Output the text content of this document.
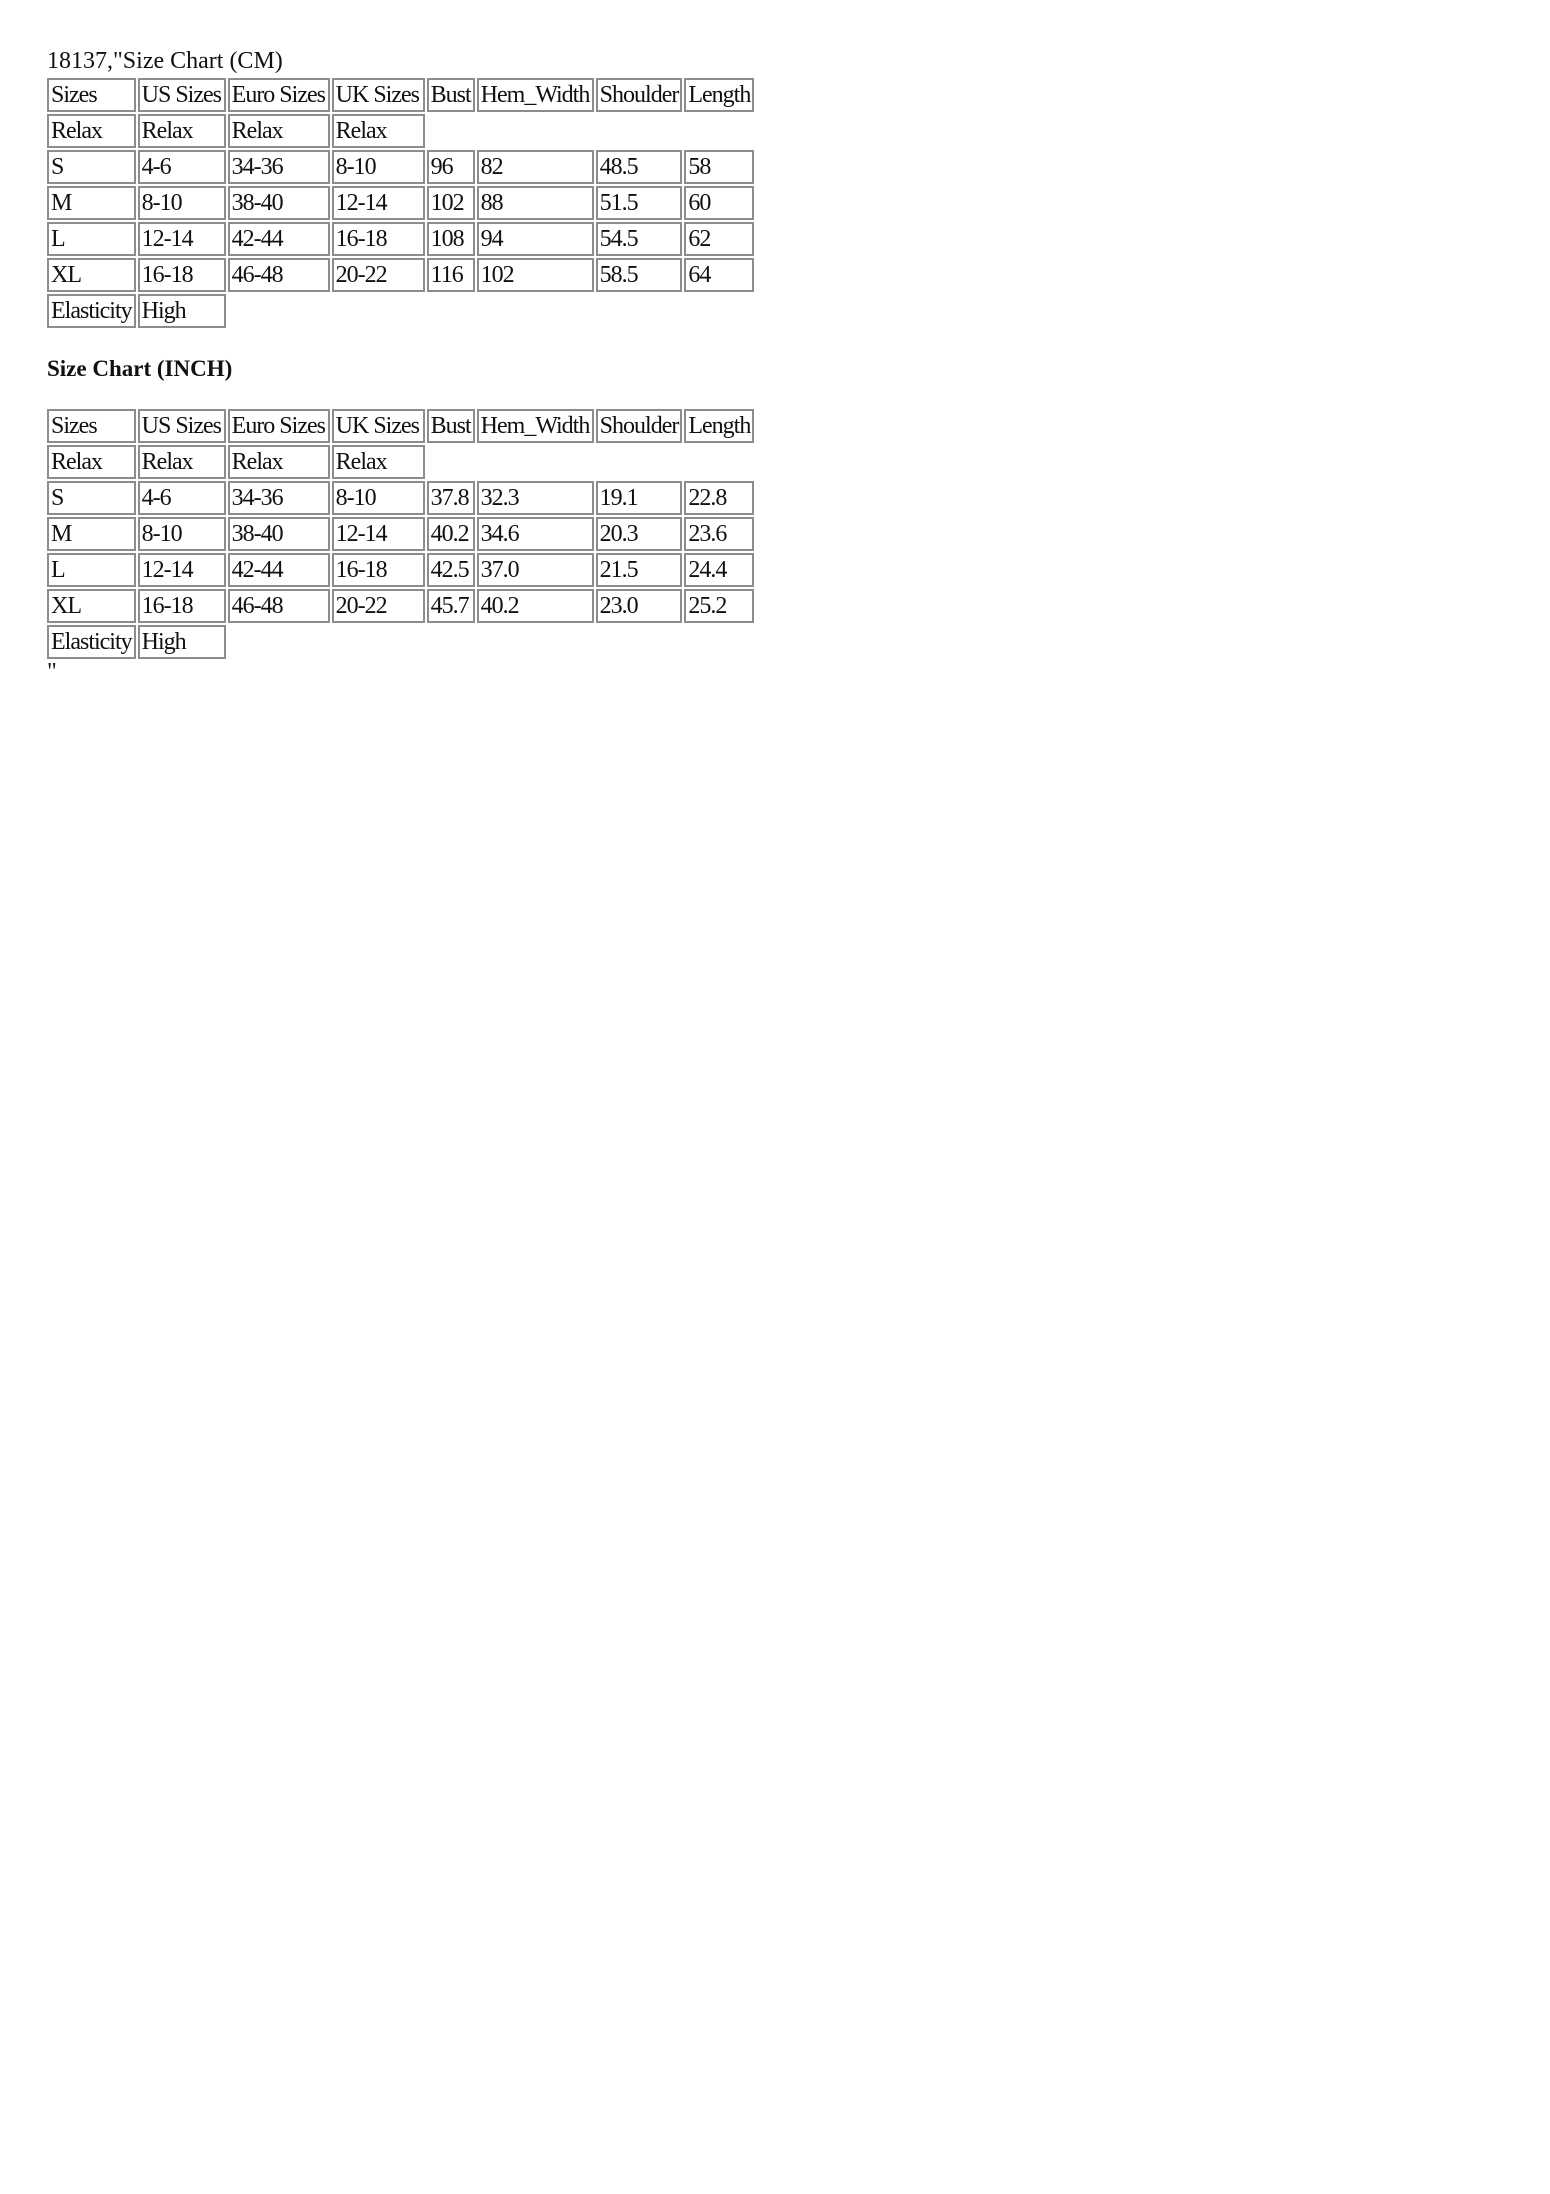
18137,"Size Chart (CM)
Sizes	US Sizes	Euro Sizes	UK Sizes	Bust	Hem_Width	Shoulder	Length
Relax	Relax	Relax	Relax				
S	4-6	34-36	8-10	96	82	48.5	58
M	8-10	38-40	12-14	102	88	51.5	60
L	12-14	42-44	16-18	108	94	54.5	62
XL	16-18	46-48	20-22	116	102	58.5	64
Elasticity	High						
Size Chart (INCH)
Sizes	US Sizes	Euro Sizes	UK Sizes	Bust	Hem_Width	Shoulder	Length
Relax	Relax	Relax	Relax				
S	4-6	34-36	8-10	37.8	32.3	19.1	22.8
M	8-10	38-40	12-14	40.2	34.6	20.3	23.6
L	12-14	42-44	16-18	42.5	37.0	21.5	24.4
XL	16-18	46-48	20-22	45.7	40.2	23.0	25.2
Elasticity	High						
"
